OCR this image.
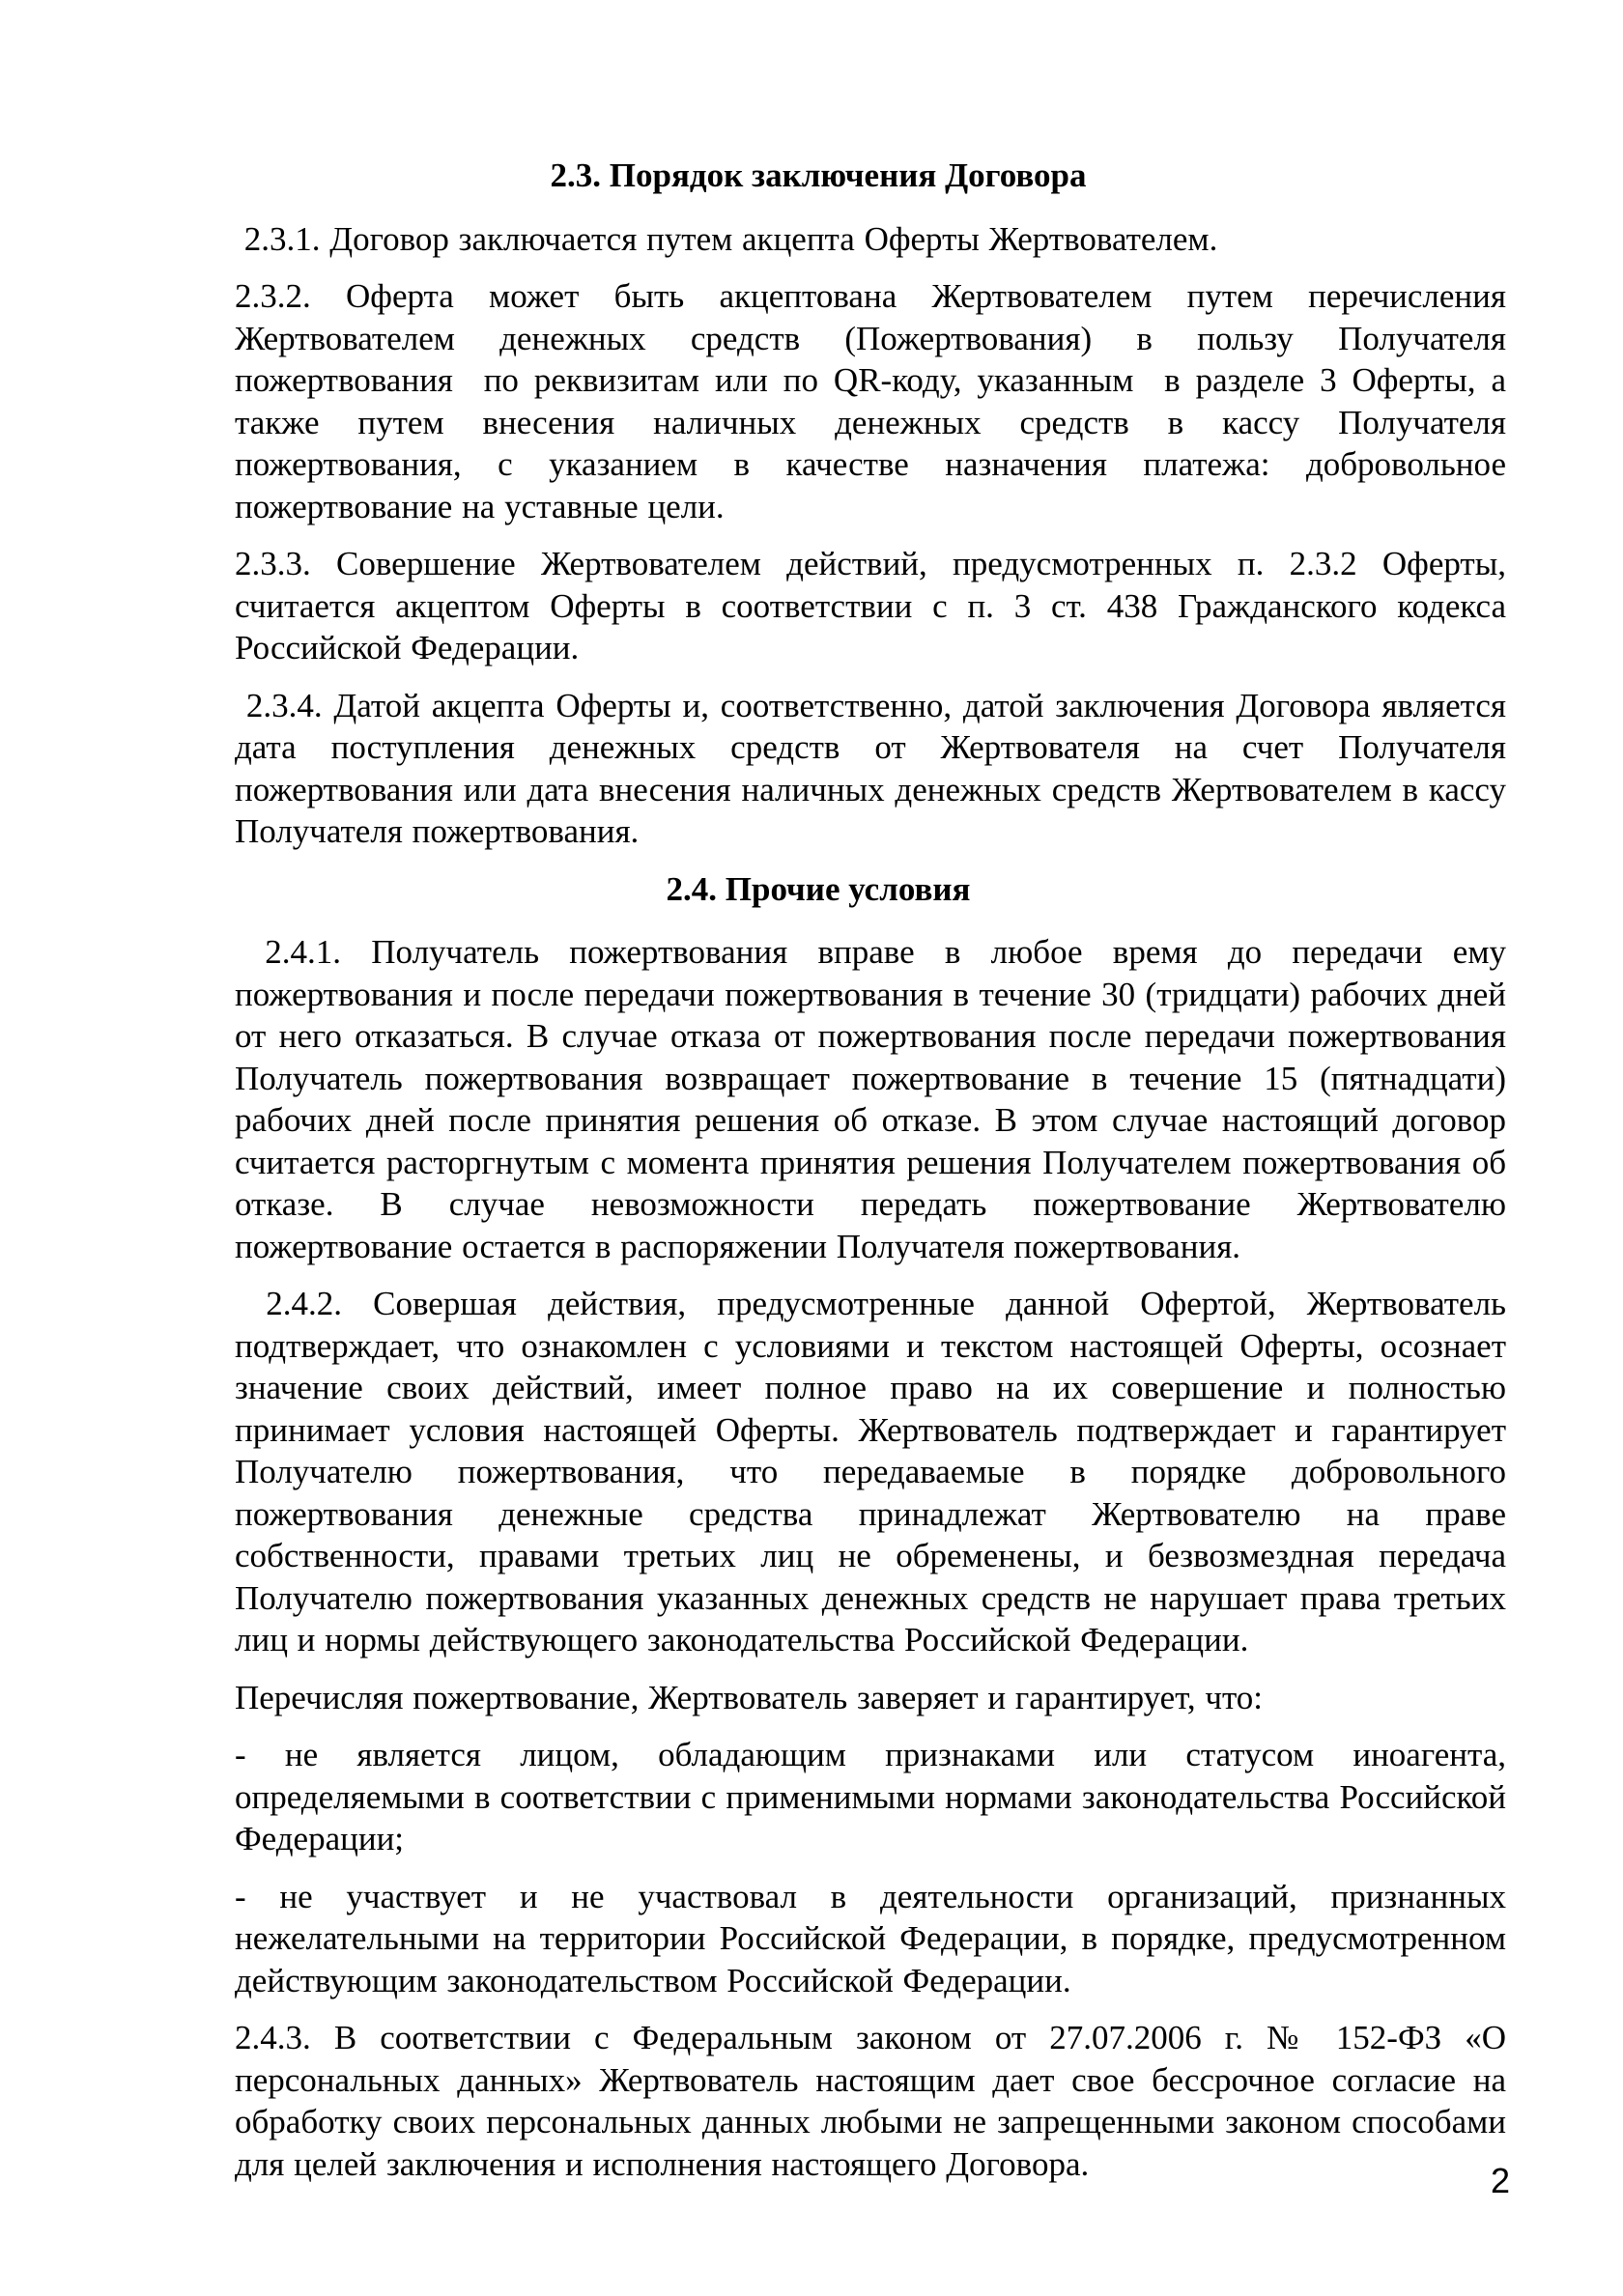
2.3. Порядок заключения Договора

2.3.1. Договор заключается путем акцепта Оферты Жертвователем.

2.3.2. Оферта может быть акцептована Жертвователем путем перечисления Жертвователем денежных средств (Пожертвования) в пользу Получателя пожертвования  по реквизитам или по QR-коду, указанным  в разделе 3 Оферты, а также путем внесения наличных денежных средств в кассу Получателя пожертвования, с указанием в качестве назначения платежа: добровольное пожертвование на уставные цели.

2.3.3. Совершение Жертвователем действий, предусмотренных п. 2.3.2 Оферты, считается акцептом Оферты в соответствии с п. 3 ст. 438 Гражданского кодекса Российской Федерации.

2.3.4. Датой акцепта Оферты и, соответственно, датой заключения Договора является дата поступления денежных средств от Жертвователя на счет Получателя пожертвования или дата внесения наличных денежных средств Жертвователем в кассу Получателя пожертвования.

2.4. Прочие условия

2.4.1. Получатель пожертвования вправе в любое время до передачи ему пожертвования и после передачи пожертвования в течение 30 (тридцати) рабочих дней от него отказаться. В случае отказа от пожертвования после передачи пожертвования Получатель пожертвования возвращает пожертвование в течение 15 (пятнадцати) рабочих дней после принятия решения об отказе. В этом случае настоящий договор считается расторгнутым с момента принятия решения Получателем пожертвования об отказе. В случае невозможности передать пожертвование Жертвователю пожертвование остается в распоряжении Получателя пожертвования.

2.4.2. Совершая действия, предусмотренные данной Офертой, Жертвователь подтверждает, что ознакомлен с условиями и текстом настоящей Оферты, осознает значение своих действий, имеет полное право на их совершение и полностью принимает условия настоящей Оферты. Жертвователь подтверждает и гарантирует Получателю пожертвования, что передаваемые в порядке добровольного пожертвования денежные средства принадлежат Жертвователю на праве собственности, правами третьих лиц не обременены, и безвозмездная передача Получателю пожертвования указанных денежных средств не нарушает права третьих лиц и нормы действующего законодательства Российской Федерации.

Перечисляя пожертвование, Жертвователь заверяет и гарантирует, что:

- не является лицом, обладающим признаками или статусом иноагента, определяемыми в соответствии с применимыми нормами законодательства Российской Федерации;

- не участвует и не участвовал в деятельности организаций, признанных нежелательными на территории Российской Федерации, в порядке, предусмотренном действующим законодательством Российской Федерации.

2.4.3. В соответствии с Федеральным законом от 27.07.2006 г. № 152-ФЗ «О персональных данных» Жертвователь настоящим дает свое бессрочное согласие на обработку своих персональных данных любыми не запрещенными законом способами для целей заключения и исполнения настоящего Договора.	2
